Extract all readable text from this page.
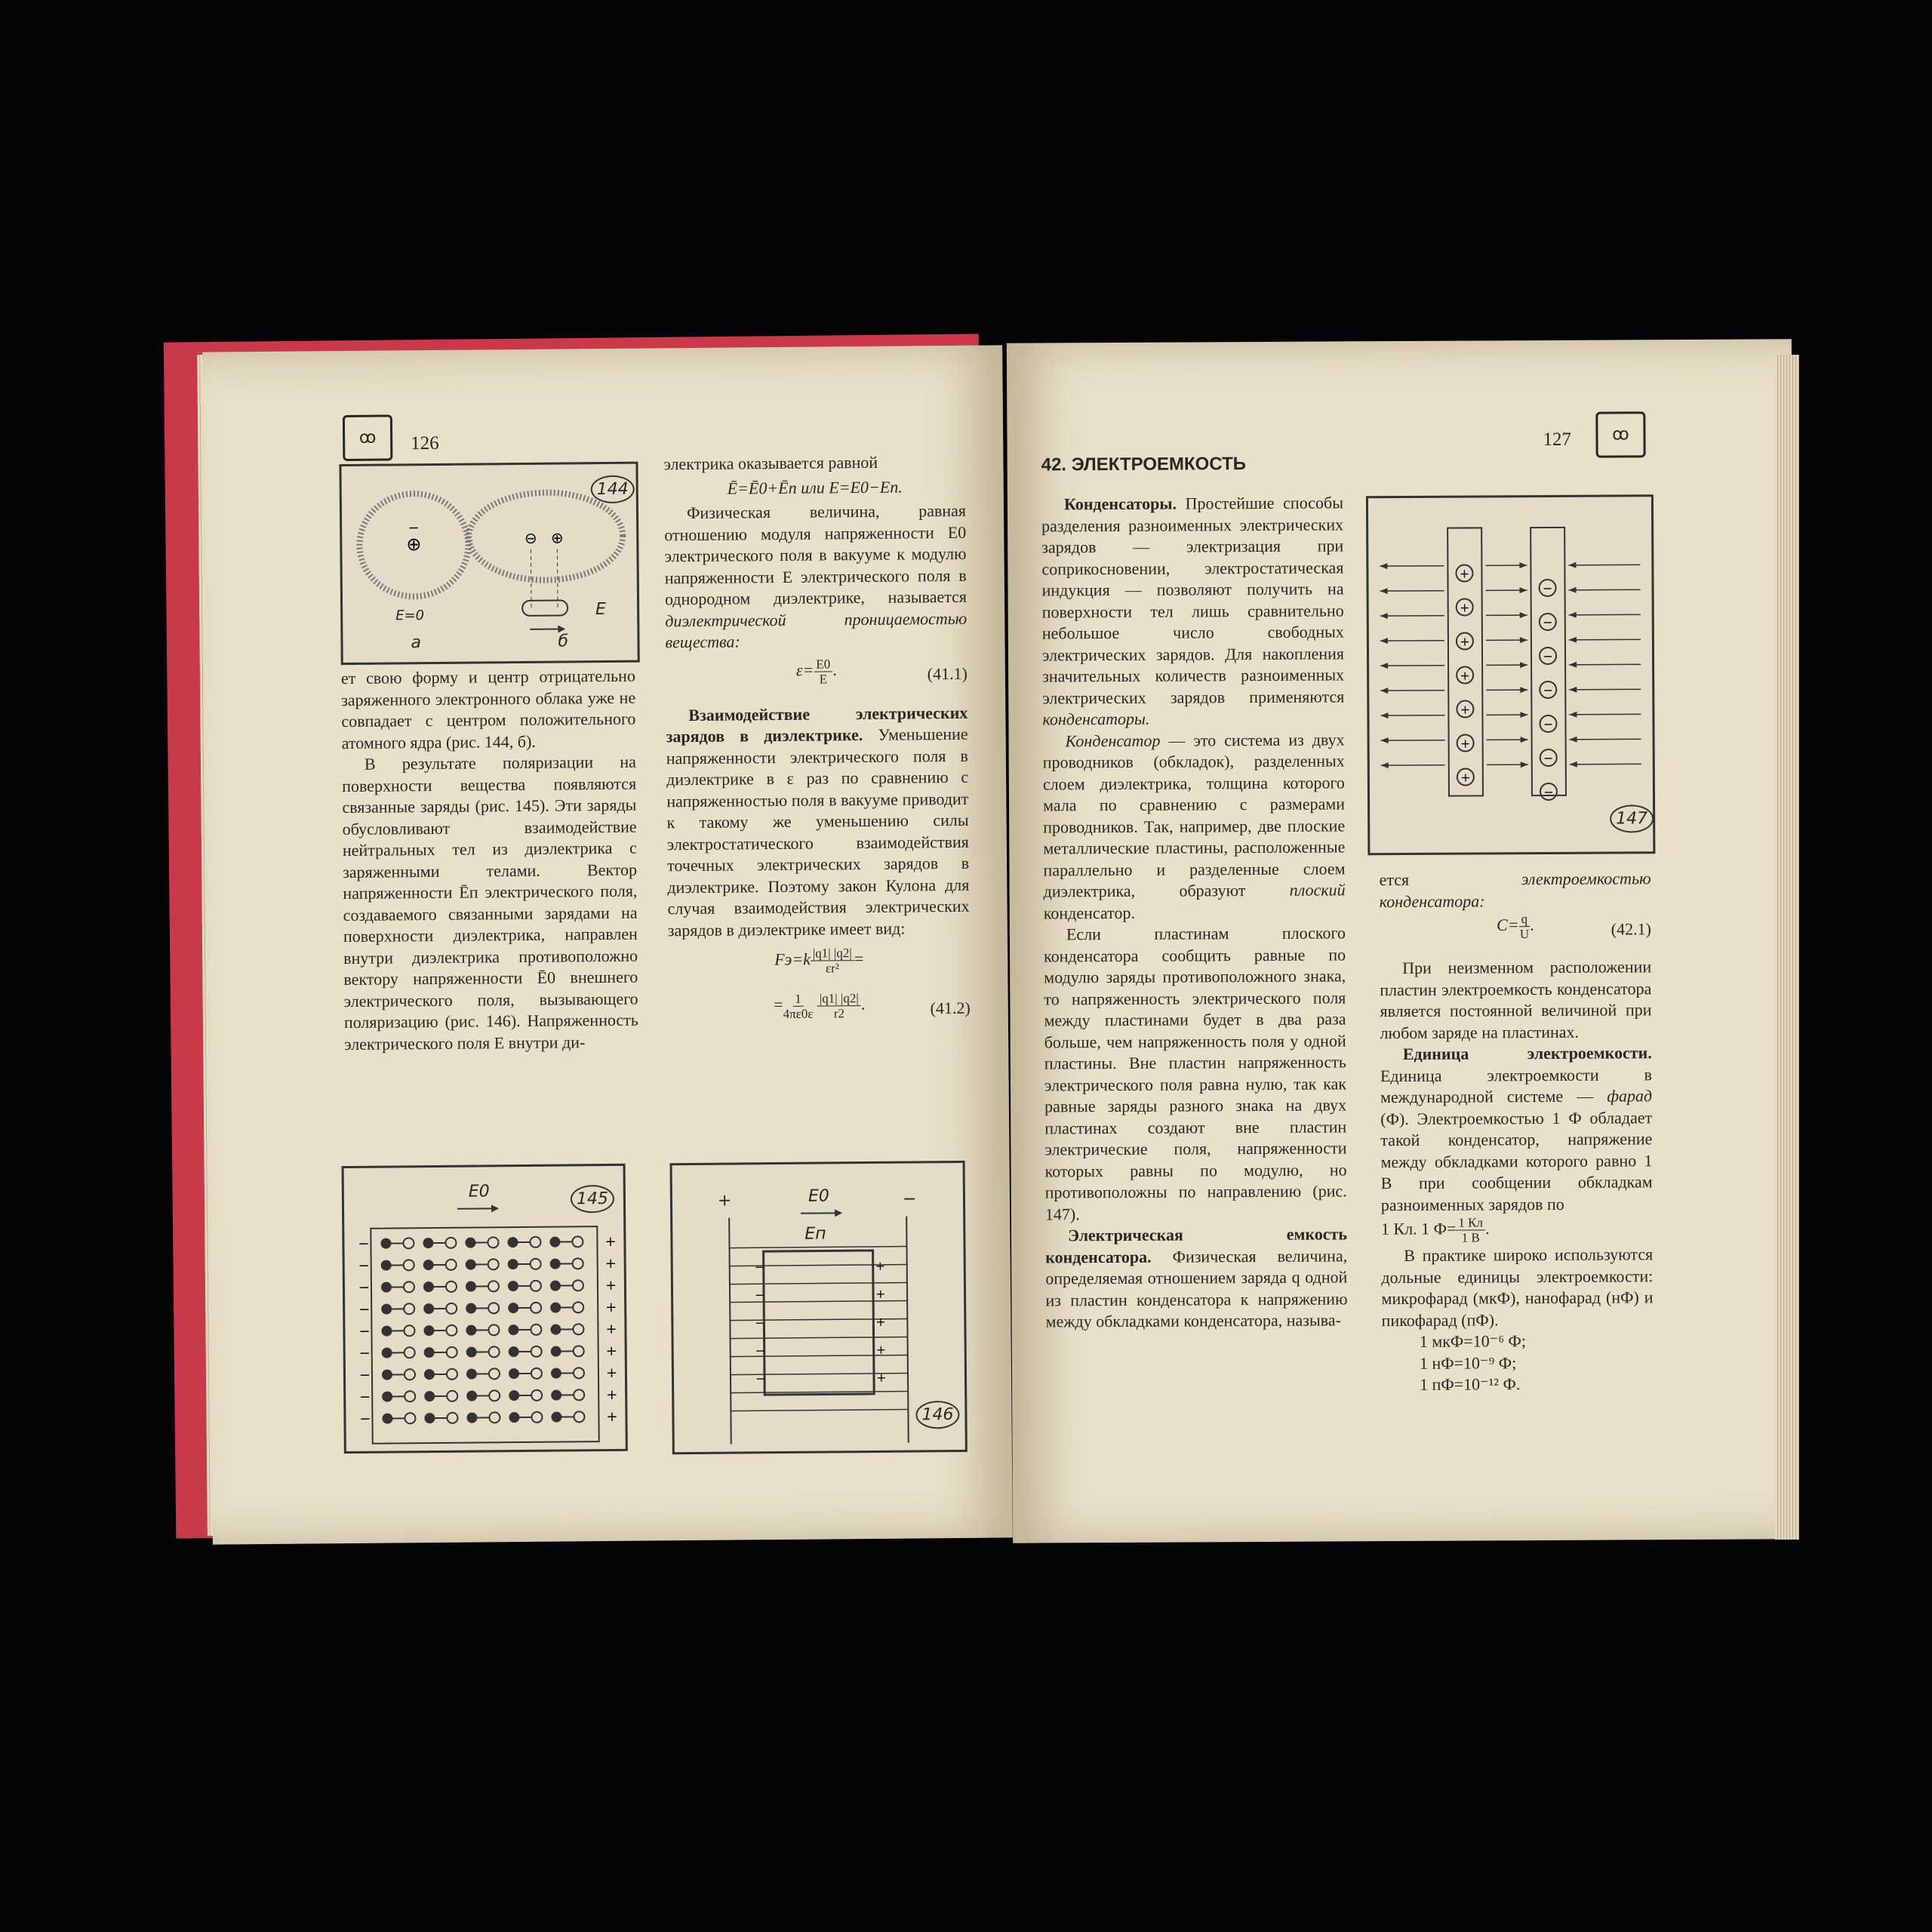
ꝏ	126
⊕
−
⊖ ⊕
144
E=0
а	б
E

ет свою форму и центр отрицательно заряженного электронного облака уже не совпадает с центром положительного атомного ядра (рис. 144, б).

В результате поляризации на поверхности вещества появляются связанные заряды (рис. 145). Эти заряды обусловливают взаимодействие нейтральных тел из диэлектрика с заряженными телами. Вектор напряженности Ēп электрического поля, создаваемого связанными зарядами на поверхности диэлектрика, направлен внутри диэлектрика противоположно вектору напряженности Ē0 внешнего электрического поля, вызывающего поляризацию (рис. 146). Напряженность электрического поля Е внутри ди-

электрика оказывается равной

Ē=Ē0+Ēп или E=E0−Eп.

Физическая величина, равная отношению модуля напряженности E0 электрического поля в вакууме к модулю напряженности E электрического поля в однородном диэлектрике, называется диэлектрической проницаемостью вещества:

$\varepsilon= \frac{E0}{E}$ .	(41.1)

Взаимодействие электрических зарядов в диэлектрике. Уменьшение напряженности электрического поля в диэлектрике в ε раз по сравнению с напряженностью поля в вакууме приводит к такому же уменьшению силы электростатического взаимодействия точечных электрических зарядов в диэлектрике. Поэтому закон Кулона для случая взаимодействия электрических зарядов в диэлектрике имеет вид:

$Fэ=k \frac{|q1| |q2|}{\text{εr²}}$ =
= $\frac{1}{4\pi\varepsilon 0\varepsilon}$
$\frac{|q1| |q2|}{r2}$ .	(41.2)
−	+
−	+
−	+
−	+
−	+
−	+
−	+
−	+
−	+
145
E0
+
−
+
−
+
−
+
−
+
−
+	−
E0
Eп
146
127	ꝏ
42. ЭЛЕКТРОЕМКОСТЬ

Конденсаторы. Простейшие способы разделения разноименных электрических зарядов — электризация при соприкосновении, электростатическая индукция — позволяют получить на поверхности тел лишь сравнительно небольшое число свободных электрических зарядов. Для накопления значительных количеств разноименных электрических зарядов применяются конденсаторы.

Конденсатор — это система из двух проводников (обкладок), разделенных слоем диэлектрика, толщина которого мала по сравнению с размерами проводников. Так, например, две плоские металлические пластины, расположенные параллельно и разделенные слоем диэлектрика, образуют	плоский конденсатор.

Если пластинам плоского конденсатора сообщить равные по модулю заряды противоположного знака, то напряженность электрического поля между пластинами будет в два раза больше, чем напряженность поля у одной пластины. Вне пластин напряженность электрического поля равна нулю, так как равные заряды разного знака на двух пластинах создают вне пластин электрические поля, напряженности которых равны по модулю, но противоположны по направлению (рис. 147).

Электрическая емкость конденсатора. Физическая величина, определяемая отношением заряда q одной из пластин конденсатора к напряжению между обкладками конденсатора, называ-

+
−
+
−
+
−
+
−
+
−
+
−
+
−
147

ется	электроемкостью конденсатора:

$C= \frac{q}{U}$ .	(42.1)

При неизменном расположении пластин электроемкость конденсатора является постоянной величиной при любом заряде на пластинах.

Единица электроемкости. Единица электроемкости в международной системе — фарад (Ф). Электроемкостью 1 Ф обладает такой конденсатор, напряжение между обкладками которого равно 1 В при сообщении обкладкам разноименных зарядов по

1 Кл. 1 $Ф= \frac{1 Кл}{1 В}$ .

В практике широко используются дольные единицы электроемкости: микрофарад (мкФ), нанофарад (нФ) и пикофарад (пФ).

1 мкФ=10⁻⁶ Ф;

1 нФ=10⁻⁹ Ф;

1 пФ=10⁻¹² Ф.
